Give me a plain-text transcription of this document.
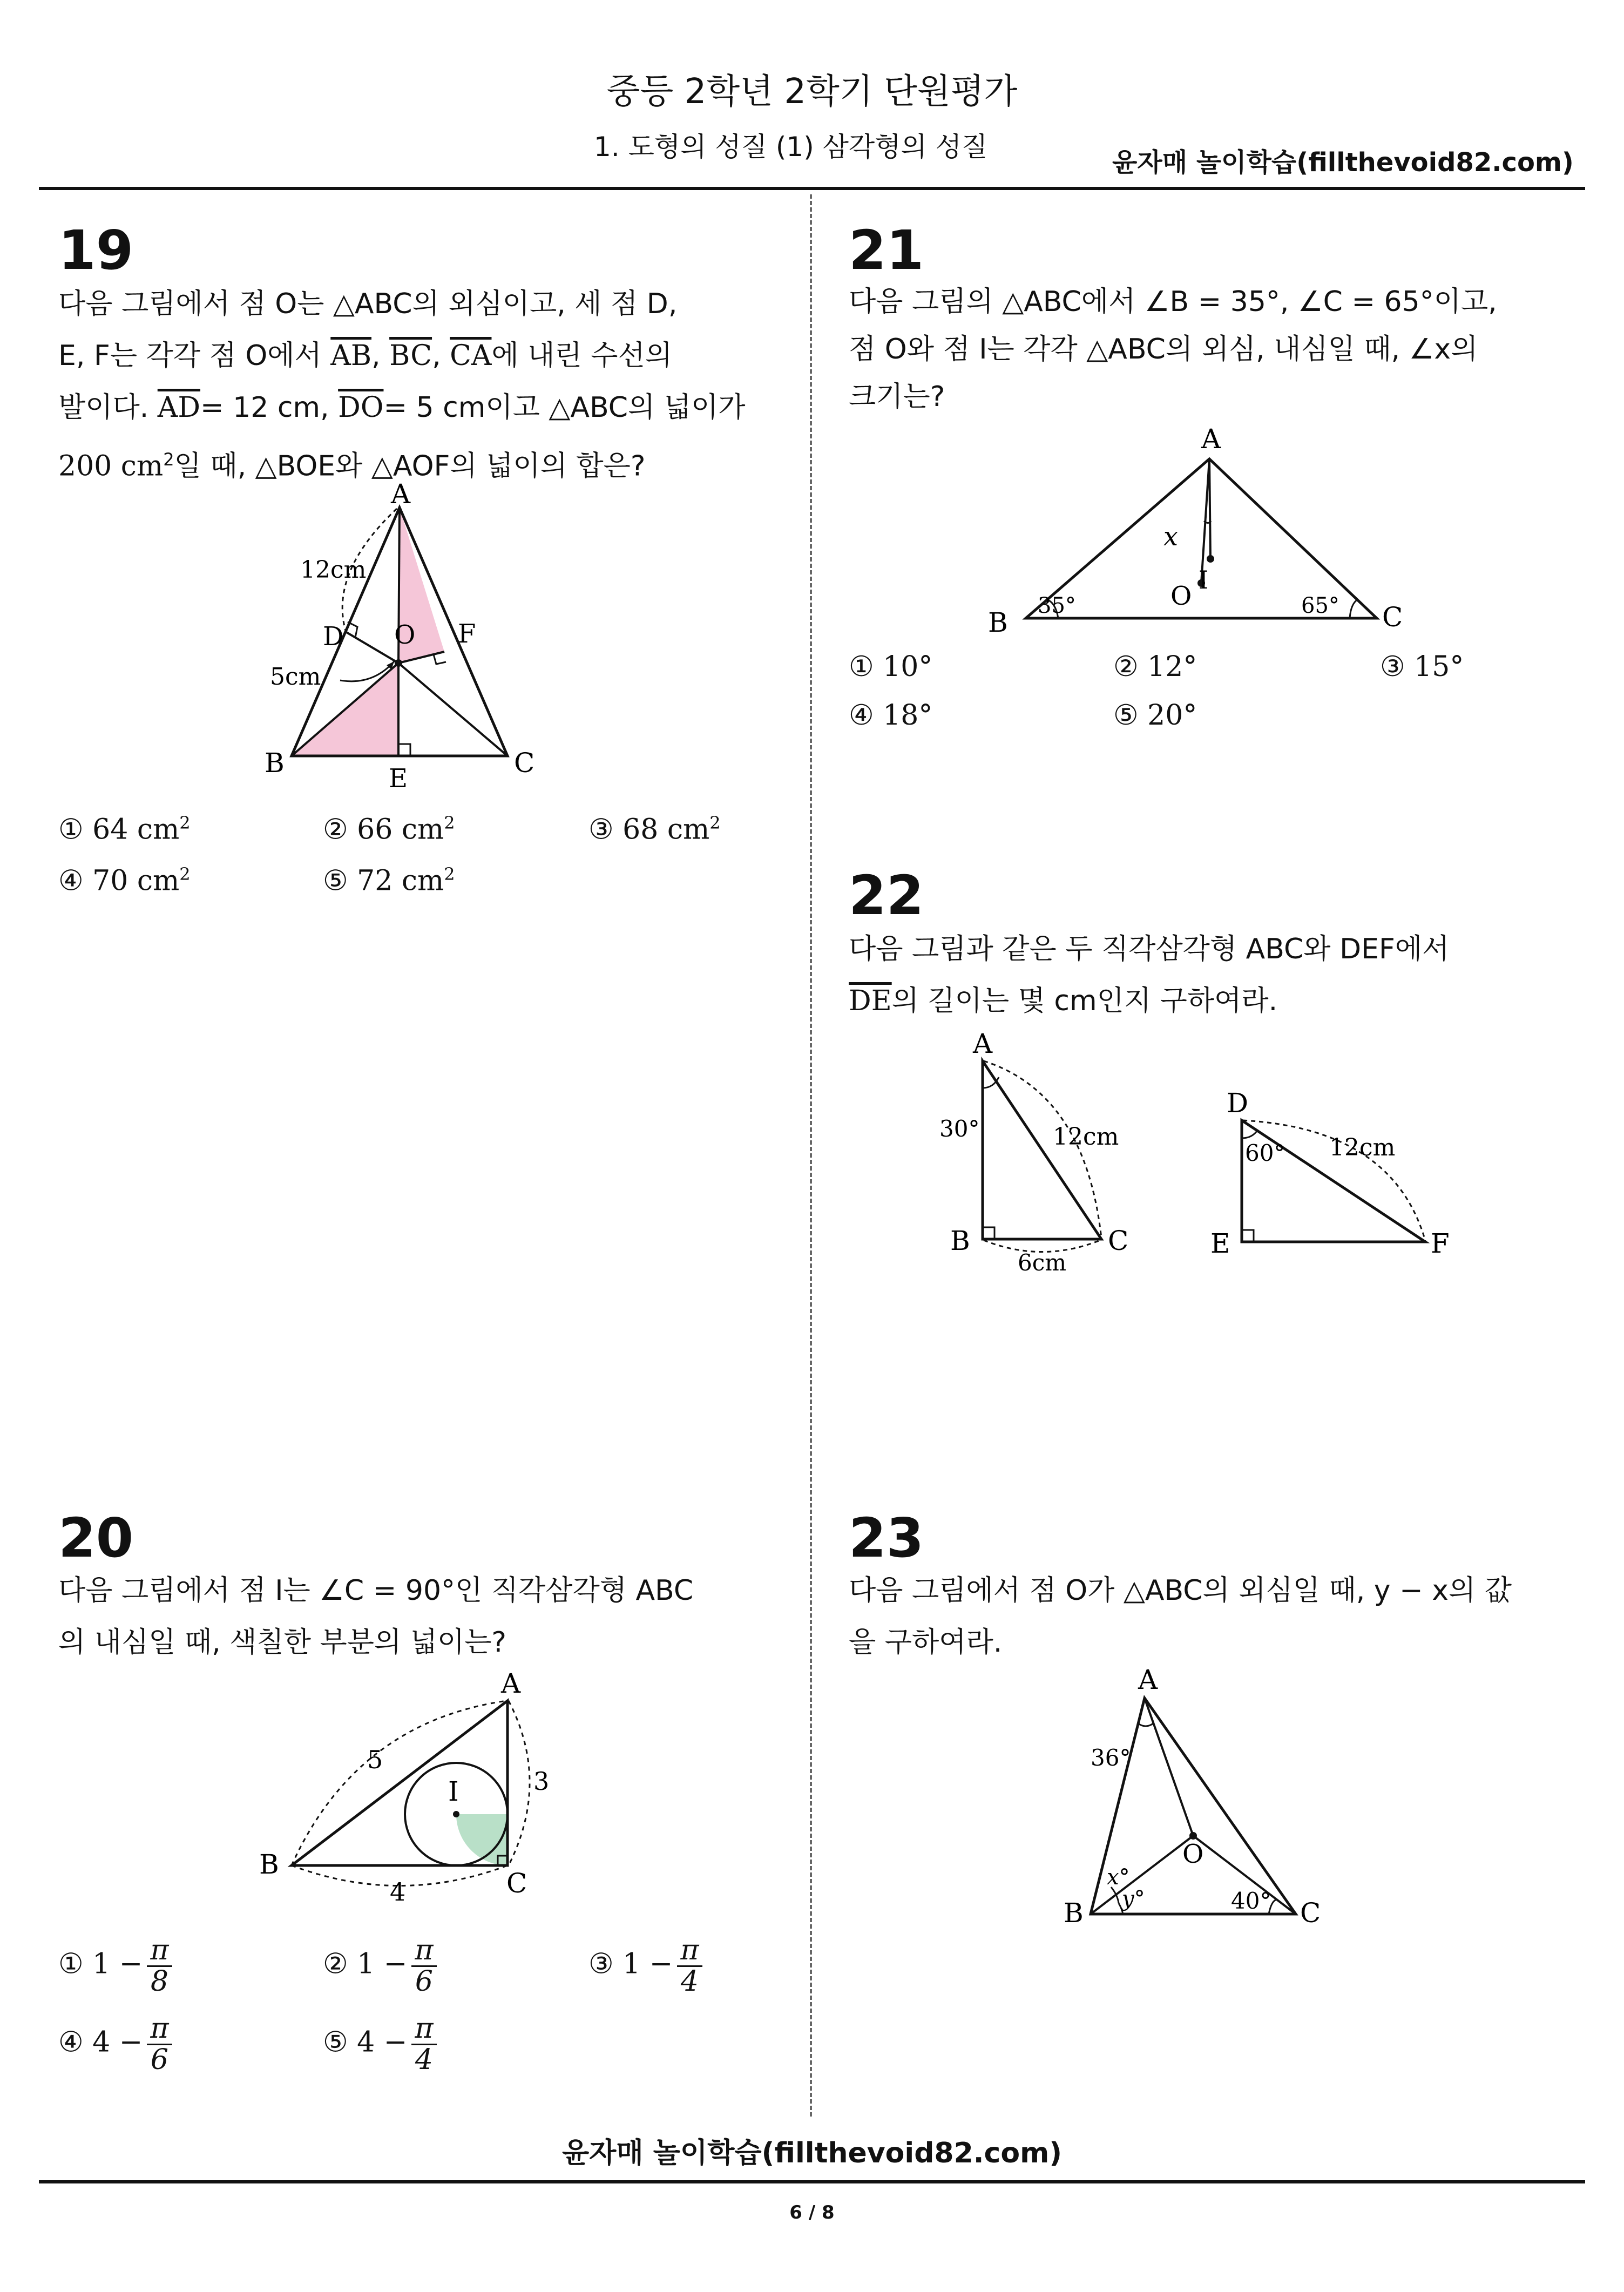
중등 2학년 2학기 단원평가
1. 도형의 성질 (1) 삼각형의 성질	윤자매 놀이학습(fillthevoid82.com)
19
다음 그림에서 점 O는 △ABC의 외심이고, 세 점 D,
E, F는 각각 점 O에서 $\overline{AB}$, $\overline{BC}$, $\overline{CA}$에 내린 수선의
발이다. $\overline{AD}= 12$ cm, $\overline{DO}= 5$ cm이고 △ABC의 넓이가
200 $cm^2$일 때, △BOE와 △AOF의 넓이의 합은?
A
B	C
D
E
F
O
12cm
5cm
① 64 $cm^2$	② 66 $cm^2$	③ 68 $cm^2$
④ 70 $cm^2$	⑤ 72 $cm^2$
20
다음 그림에서 점 I는 ∠C = 90°인 직각삼각형 ABC
의 내심일 때, 색칠한 부분의 넓이는?
A
B
C
I
5
3
4
① $1 - \frac{\pi}{8}$	② $1 - \frac{\pi}{6}$	③ $1 - \frac{\pi}{4}$
④ $4 - \frac{\pi}{6}$	⑤ $4 - \frac{\pi}{4}$
21
다음 그림의 △ABC에서 ∠B = 35°, ∠C = 65°이고,
점 O와 점 I는 각각 △ABC의 외심, 내심일 때, ∠x의
크기는?
A
B	C
O
I
x
35°	65°
① 10°	② 12°	③ 15°
④ 18°	⑤ 20°
22
다음 그림과 같은 두 직각삼각형 ABC와 DEF에서
$\overline{DE}$의 길이는 몇 cm인지 구하여라.
A
B	C
30°	12cm
6cm
D
E	F
60° 12cm
23
다음 그림에서 점 O가 △ABC의 외심일 때, y − x의 값
을 구하여라.
A
B	C
O
36°
40°
x°
y°
윤자매 놀이학습(fillthevoid82.com)
6 / 8
